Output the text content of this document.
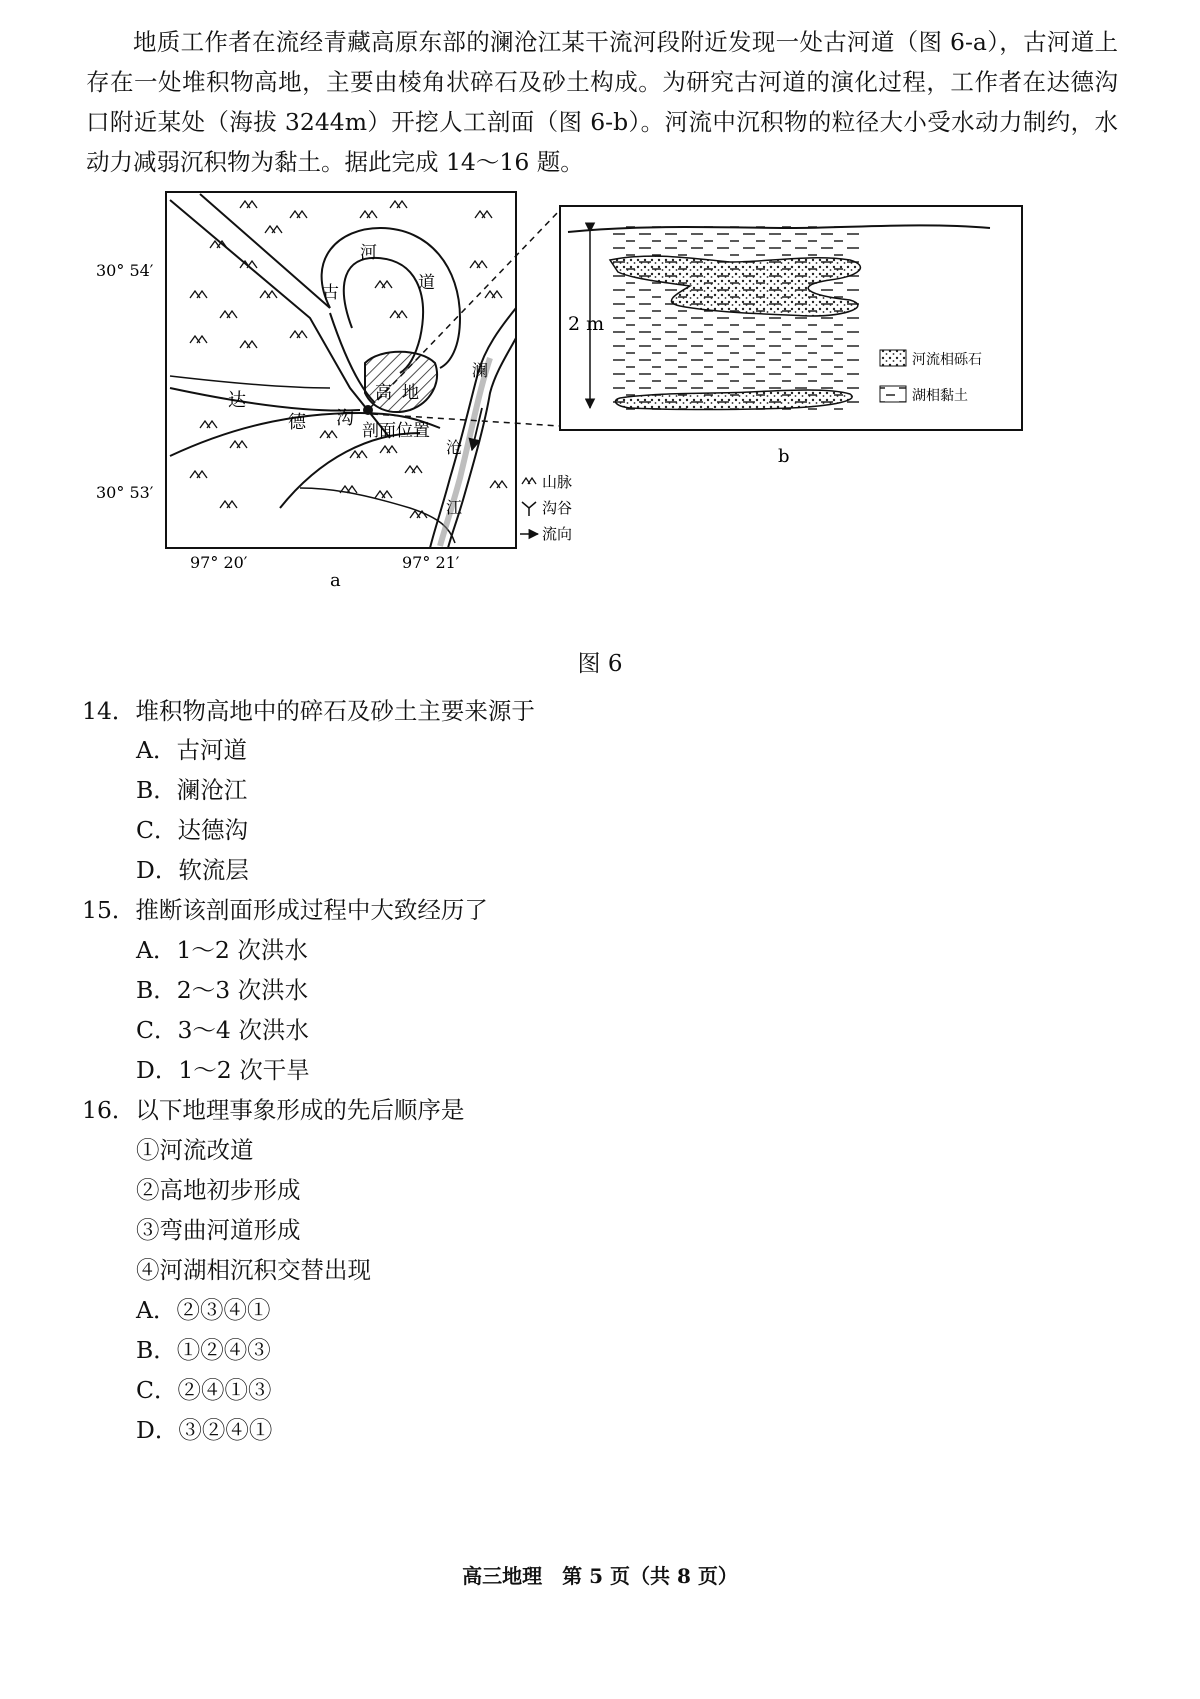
地质工作者在流经青藏高原东部的澜沧江某干流河段附近发现一处古河道（图 6-a），古河道上存在一处堆积物高地，主要由棱角状碎石及砂土构成。为研究古河道的演化过程，工作者在达德沟口附近某处（海拔 3244m）开挖人工剖面（图 6-b）。河流中沉积物的粒径大小受水动力制约，水动力减弱沉积物为黏土。据此完成 14～16 题。

河
道
古
高 地
达
德 沟
剖面位置
澜
沧
江
30° 54′
30° 53′
97° 20′	97° 21′
a
山脉
沟谷
流向
2 m
河流相砾石
湖相黏土
b
图 6
14．堆积物高地中的碎石及砂土主要来源于
A．古河道
B．澜沧江
C．达德沟
D．软流层
15．推断该剖面形成过程中大致经历了
A．1～2 次洪水
B．2～3 次洪水
C．3～4 次洪水
D．1～2 次干旱
16．以下地理事象形成的先后顺序是
①河流改道
②高地初步形成
③弯曲河道形成
④河湖相沉积交替出现
A．②③④①
B．①②④③
C．②④①③
D．③②④①
高三地理　第 5 页（共 8 页）
